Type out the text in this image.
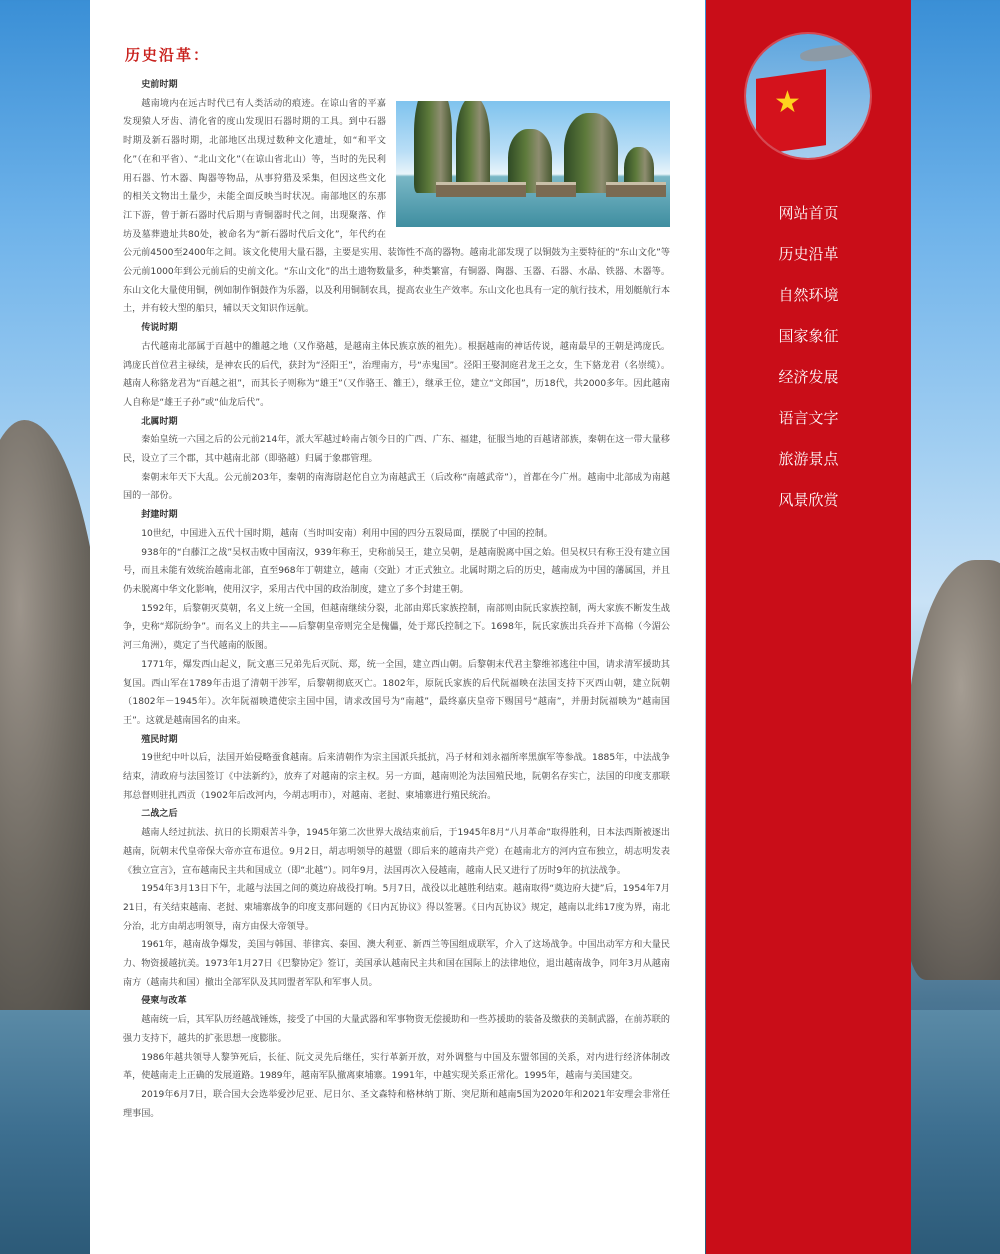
历史沿革：

史前时期

越南境内在远古时代已有人类活动的痕迹。在谅山省的平嘉发现猿人牙齿、清化省的度山发现旧石器时期的工具。到中石器时期及新石器时期，北部地区出现过数种文化遗址，如“和平文化”（在和平省）、“北山文化”（在谅山省北山）等，当时的先民利用石器、竹木器、陶器等物品，从事狩猎及采集，但因这些文化的相关文物出土量少，未能全面反映当时状况。南部地区的东那江下游，曾于新石器时代后期与青铜器时代之间，出现聚落、作坊及墓葬遗址共80处，被命名为“新石器时代后文化”，年代约在公元前4500至2400年之间。该文化使用大量石器，主要是实用、装饰性不高的器物。越南北部发现了以铜鼓为主要特征的“东山文化”等公元前1000年到公元前后的史前文化。“东山文化”的出土遗物数量多，种类繁富，有铜器、陶器、玉器、石器、水晶、铁器、木器等。东山文化大量使用铜，例如制作铜鼓作为乐器，以及利用铜制农具，提高农业生产效率。东山文化也具有一定的航行技术，用划艇航行本土，并有较大型的船只，辅以天文知识作远航。

传说时期

古代越南北部属于百越中的雒越之地（又作骆越，是越南主体民族京族的祖先）。根据越南的神话传说，越南最早的王朝是鸿庞氏。鸿庞氏首位君主禄续，是神农氏的后代，获封为“泾阳王”，治理南方，号“赤鬼国”。泾阳王娶洞庭君龙王之女，生下貉龙君（名崇缆）。越南人称貉龙君为“百越之祖”，而其长子则称为“雄王”（又作骆王、雒王），继承王位，建立“文郎国”，历18代，共2000多年。因此越南人自称是“雄王子孙”或“仙龙后代”。

北属时期

秦始皇统一六国之后的公元前214年，派大军越过岭南占领今日的广西、广东、福建，征服当地的百越诸部族，秦朝在这一带大量移民，设立了三个郡，其中越南北部（即骆越）归属于象郡管理。

秦朝末年天下大乱。公元前203年，秦朝的南海尉赵佗自立为南越武王（后改称“南越武帝”），首都在今广州。越南中北部成为南越国的一部份。

封建时期

10世纪，中国进入五代十国时期，越南（当时叫安南）利用中国的四分五裂局面，摆脱了中国的控制。

938年的“白藤江之战”吴权击败中国南汉，939年称王，史称前吴王，建立吴朝，是越南脱离中国之始。但吴权只有称王没有建立国号，而且未能有效统治越南北部，直至968年丁朝建立，越南（交趾）才正式独立。北属时期之后的历史，越南成为中国的藩属国，并且仍未脱离中华文化影响，使用汉字，采用古代中国的政治制度，建立了多个封建王朝。

1592年，后黎朝灭莫朝，名义上统一全国，但越南继续分裂，北部由郑氏家族控制，南部则由阮氏家族控制，两大家族不断发生战争，史称“郑阮纷争”。而名义上的共主——后黎朝皇帝则完全是傀儡，处于郑氏控制之下。1698年，阮氏家族出兵吞并下高棉（今湄公河三角洲），奠定了当代越南的版图。

1771年，爆发西山起义，阮文惠三兄弟先后灭阮、郑，统一全国，建立西山朝。后黎朝末代君主黎维祁逃往中国，请求清军援助其复国。西山军在1789年击退了清朝干涉军，后黎朝彻底灭亡。1802年，原阮氏家族的后代阮福映在法国支持下灭西山朝，建立阮朝（1802年－1945年）。次年阮福映遣使宗主国中国，请求改国号为“南越”，最终嘉庆皇帝下赐国号“越南”，并册封阮福映为“越南国王”。这就是越南国名的由来。

殖民时期

19世纪中叶以后，法国开始侵略蚕食越南。后来清朝作为宗主国派兵抵抗，冯子材和刘永福所率黑旗军等参战。1885年，中法战争结束，清政府与法国签订《中法新约》，放弃了对越南的宗主权。另一方面，越南则沦为法国殖民地，阮朝名存实亡，法国的印度支那联邦总督则驻扎西贡（1902年后改河内，今胡志明市），对越南、老挝、柬埔寨进行殖民统治。

二战之后

越南人经过抗法、抗日的长期艰苦斗争，1945年第二次世界大战结束前后，于1945年8月“八月革命”取得胜利，日本法西斯被逐出越南，阮朝末代皇帝保大帝亦宣布退位。9月2日，胡志明领导的越盟（即后来的越南共产党）在越南北方的河内宣布独立，胡志明发表《独立宣言》，宣布越南民主共和国成立（即“北越”）。同年9月，法国再次入侵越南，越南人民又进行了历时9年的抗法战争。

1954年3月13日下午，北越与法国之间的奠边府战役打响。5月7日，战役以北越胜利结束。越南取得“奠边府大捷”后，1954年7月21日，有关结束越南、老挝、柬埔寨战争的印度支那问题的《日内瓦协议》得以签署。《日内瓦协议》规定，越南以北纬17度为界，南北分治，北方由胡志明领导，南方由保大帝领导。

1961年，越南战争爆发，美国与韩国、菲律宾、泰国、澳大利亚、新西兰等国组成联军，介入了这场战争。中国出动军方和大量民力、物资援越抗美。1973年1月27日《巴黎协定》签订，美国承认越南民主共和国在国际上的法律地位，退出越南战争，同年3月从越南南方（越南共和国）撤出全部军队及其同盟者军队和军事人员。

侵柬与改革

越南统一后，其军队历经越战锤炼，接受了中国的大量武器和军事物资无偿援助和一些苏援助的装备及缴获的美制武器，在前苏联的强力支持下，越共的扩张思想一度膨胀。

1986年越共领导人黎笋死后，长征、阮文灵先后继任，实行革新开放，对外调整与中国及东盟邻国的关系，对内进行经济体制改革，使越南走上正确的发展道路。1989年，越南军队撤离柬埔寨。1991年，中越实现关系正常化。1995年，越南与美国建交。

2019年6月7日，联合国大会选举爱沙尼亚、尼日尔、圣文森特和格林纳丁斯、突尼斯和越南5国为2020年和2021年安理会非常任理事国。

★
网站首页
历史沿革
自然环境
国家象征
经济发展
语言文字
旅游景点
风景欣赏
